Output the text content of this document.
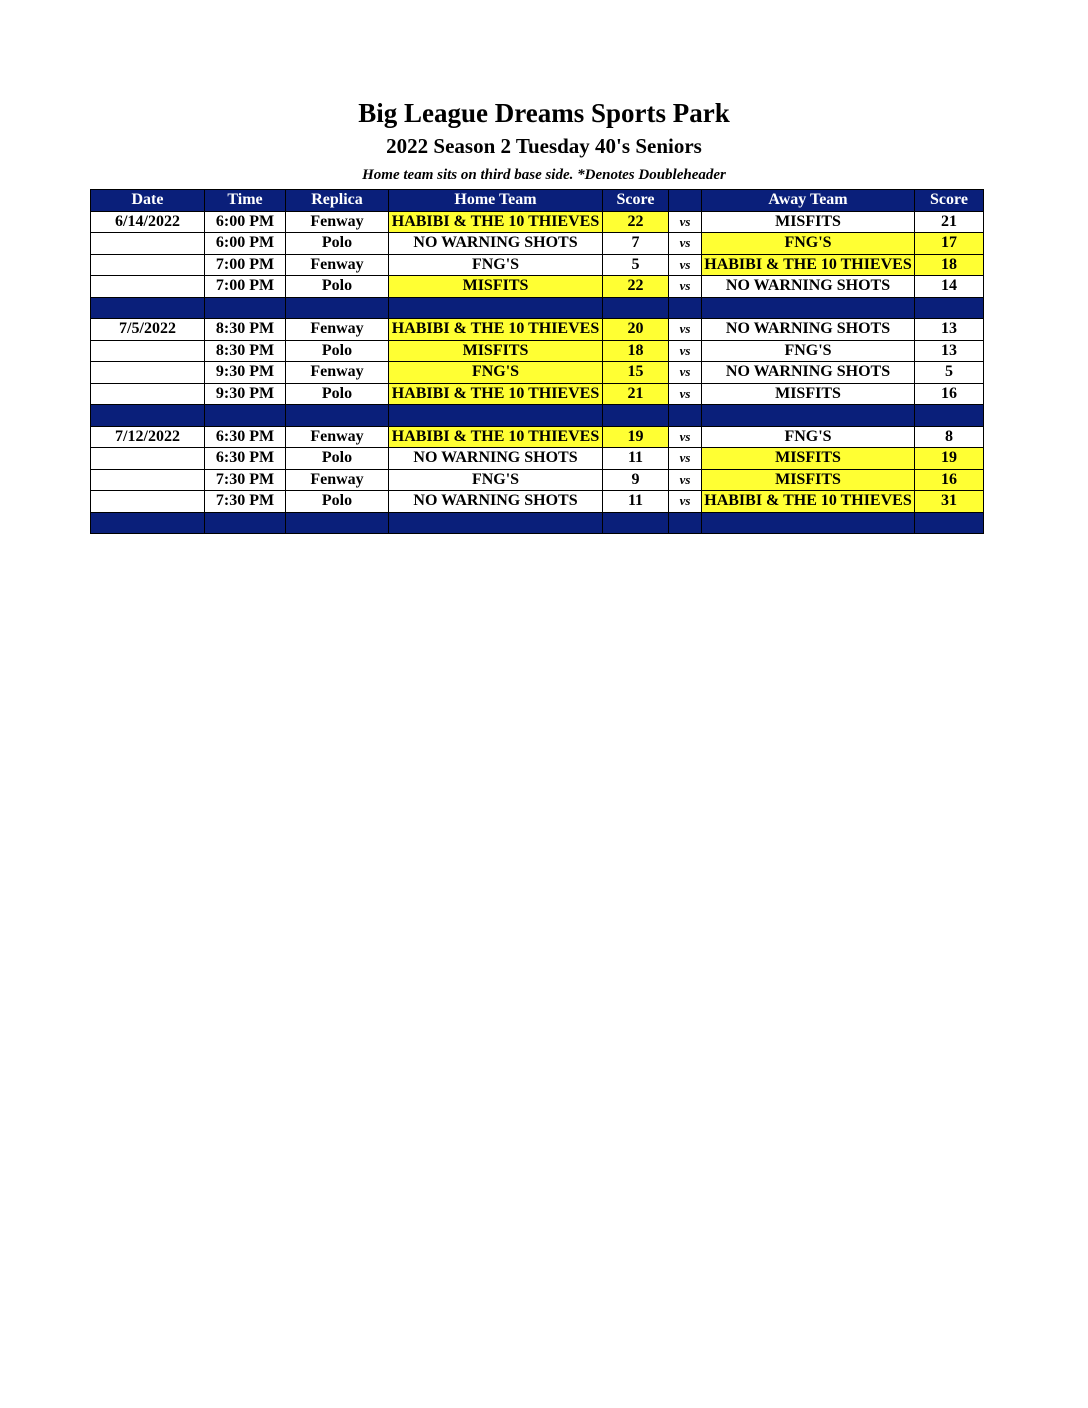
Big League Dreams Sports Park
2022 Season 2 Tuesday 40's Seniors
Home team sits on third base side. *Denotes Doubleheader
Date	Time	Replica	Home Team	Score		Away Team	Score
6/14/2022	6:00 PM	Fenway	HABIBI & THE 10 THIEVES	22	vs	MISFITS	21
	6:00 PM	Polo	NO WARNING SHOTS	7	vs	FNG'S	17
	7:00 PM	Fenway	FNG'S	5	vs	HABIBI & THE 10 THIEVES	18
	7:00 PM	Polo	MISFITS	22	vs	NO WARNING SHOTS	14

7/5/2022	8:30 PM	Fenway	HABIBI & THE 10 THIEVES	20	vs	NO WARNING SHOTS	13
	8:30 PM	Polo	MISFITS	18	vs	FNG'S	13
	9:30 PM	Fenway	FNG'S	15	vs	NO WARNING SHOTS	5
	9:30 PM	Polo	HABIBI & THE 10 THIEVES	21	vs	MISFITS	16

7/12/2022	6:30 PM	Fenway	HABIBI & THE 10 THIEVES	19	vs	FNG'S	8
	6:30 PM	Polo	NO WARNING SHOTS	11	vs	MISFITS	19
	7:30 PM	Fenway	FNG'S	9	vs	MISFITS	16
	7:30 PM	Polo	NO WARNING SHOTS	11	vs	HABIBI & THE 10 THIEVES	31
